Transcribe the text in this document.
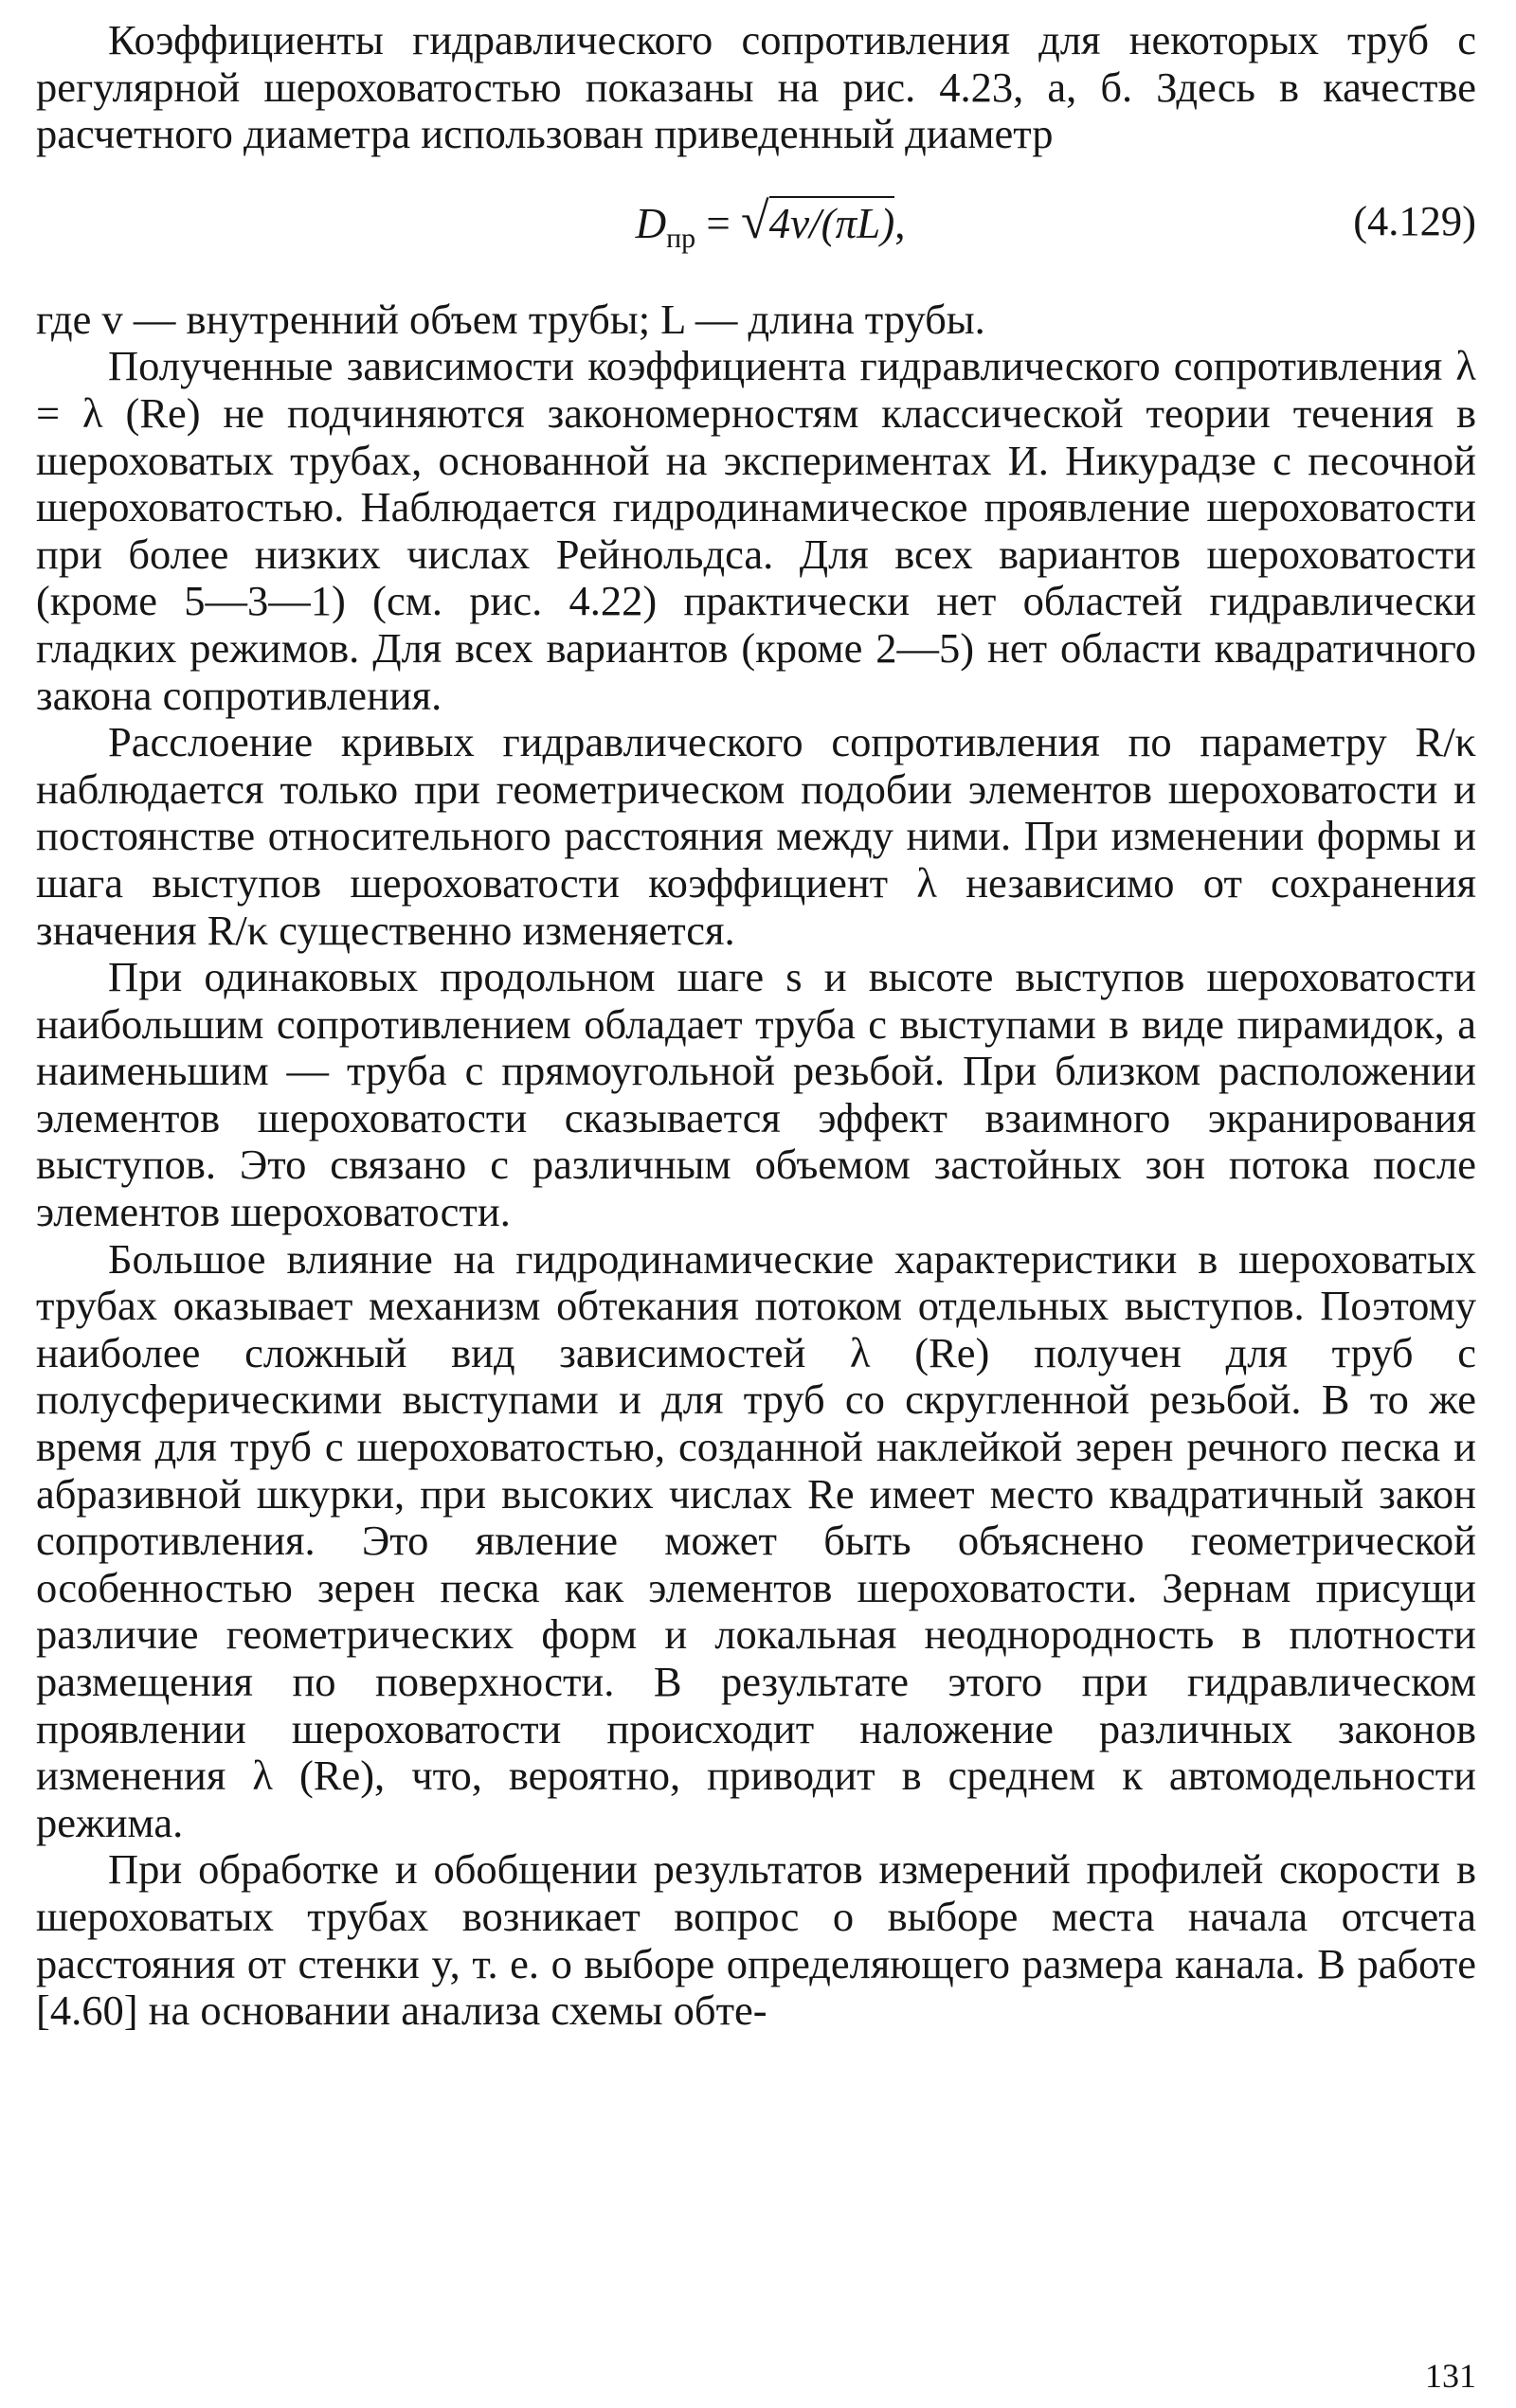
Коэффициенты гидравлического сопротивления для некоторых труб с регулярной шероховатостью показаны на рис. 4.23, а, б. Здесь в качестве расчетного диаметра использован приведенный диаметр

$D_{пр} = √4v/(\pi L)$,	(4.129)

где v — внутренний объем трубы; L — длина трубы.

Полученные зависимости коэффициента гидравлического сопротивления λ = λ (Re) не подчиняются закономерностям классической теории течения в шероховатых трубах, основанной на экспериментах И. Никурадзе с песочной шероховатостью. Наблюдается гидродинамическое проявление шероховатости при более низких числах Рейнольдса. Для всех вариантов шероховатости (кроме 5—3—1) (см. рис. 4.22) практически нет областей гидравлически гладких режимов. Для всех вариантов (кроме 2—5) нет области квадратичного закона сопротивления.

Расслоение кривых гидравлического сопротивления по параметру R/κ наблюдается только при геометрическом подобии элементов шероховатости и постоянстве относительного расстояния между ними. При изменении формы и шага выступов шероховатости коэффициент λ независимо от сохранения значения R/κ существенно изменяется.

При одинаковых продольном шаге s и высоте выступов шероховатости наибольшим сопротивлением обладает труба с выступами в виде пирамидок, а наименьшим — труба с прямоугольной резьбой. При близком расположении элементов шероховатости сказывается эффект взаимного экранирования выступов. Это связано с различным объемом застойных зон потока после элементов шероховатости.

Большое влияние на гидродинамические характеристики в шероховатых трубах оказывает механизм обтекания потоком отдельных выступов. Поэтому наиболее сложный вид зависимостей λ (Re) получен для труб с полусферическими выступами и для труб со скругленной резьбой. В то же время для труб с шероховатостью, созданной наклейкой зерен речного песка и абразивной шкурки, при высоких числах Re имеет место квадратичный закон сопротивления. Это явление может быть объяснено геометрической особенностью зерен песка как элементов шероховатости. Зернам присущи различие геометрических форм и локальная неоднородность в плотности размещения по поверхности. В результате этого при гидравлическом проявлении шероховатости происходит наложение различных законов изменения λ (Re), что, вероятно, приводит в среднем к автомодельности режима.

При обработке и обобщении результатов измерений профилей скорости в шероховатых трубах возникает вопрос о выборе места начала отсчета расстояния от стенки y, т. е. о выборе определяющего размера канала. В работе [4.60] на основании анализа схемы обте-

131
